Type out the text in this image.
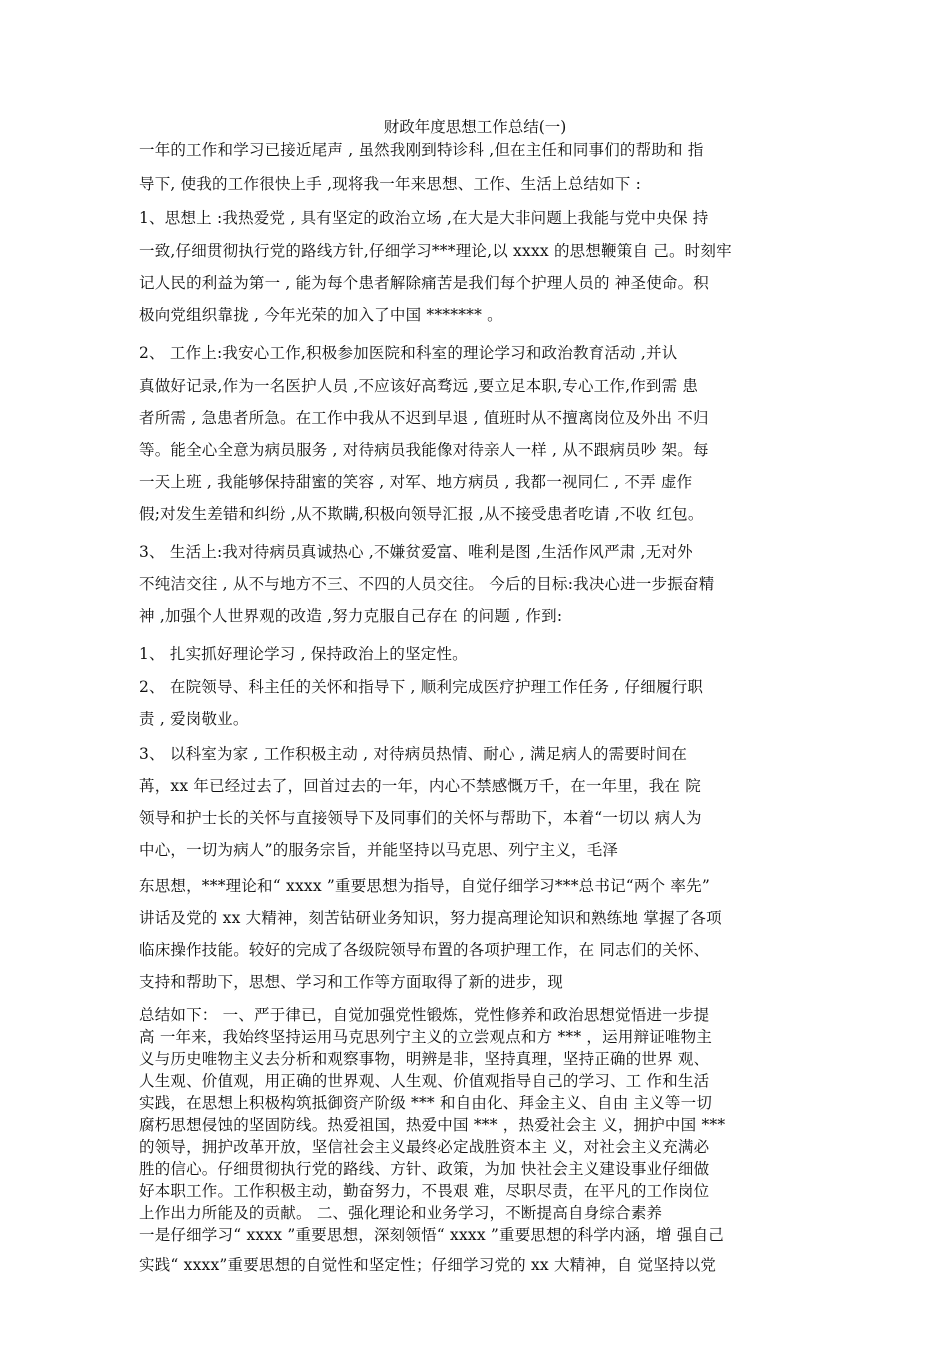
财政年度思想工作总结(一)
一年的工作和学习已接近尾声 , 虽然我刚到特诊科 ,但在主任和同事们的帮助和 指
导下, 使我的工作很快上手 ,现将我一年来思想、工作、生活上总结如下 :
1、思想上 :我热爱党 , 具有坚定的政治立场 ,在大是大非问题上我能与党中央保 持
一致,仔细贯彻执行党的路线方针,仔细学习***理论,以 xxxx 的思想鞭策自 己。时刻牢
记人民的利益为第一 , 能为每个患者解除痛苦是我们每个护理人员的 神圣使命。积
极向党组织靠拢 , 今年光荣的加入了中国 ******* 。
2、 工作上:我安心工作,积极参加医院和科室的理论学习和政治教育活动 ,并认
真做好记录,作为一名医护人员 ,不应该好高骛远 ,要立足本职,专心工作,作到需 患
者所需 , 急患者所急。在工作中我从不迟到早退 , 值班时从不擅离岗位及外出 不归
等。能全心全意为病员服务 , 对待病员我能像对待亲人一样 , 从不跟病员吵 架。每
一天上班 , 我能够保持甜蜜的笑容 , 对军、地方病员 , 我都一视同仁 , 不弄 虚作
假;对发生差错和纠纷 ,从不欺瞒,积极向领导汇报 ,从不接受患者吃请 ,不收 红包。
3、 生活上:我对待病员真诚热心 ,不嫌贫爱富、唯利是图 ,生活作风严肃 ,无对外
不纯洁交往 , 从不与地方不三、不四的人员交往。 今后的目标:我决心进一步振奋精
神 ,加强个人世界观的改造 ,努力克服自己存在 的问题 , 作到:
1、 扎实抓好理论学习 , 保持政治上的坚定性。
2、 在院领导、科主任的关怀和指导下 , 顺利完成医疗护理工作任务 , 仔细履行职
责 , 爱岗敬业。
3、 以科室为家 , 工作积极主动 , 对待病员热情、耐心 , 满足病人的需要时间在
苒，xx 年已经过去了，回首过去的一年，内心不禁感慨万千，在一年里，我在 院
领导和护士长的关怀与直接领导下及同事们的关怀与帮助下，本着“一切以 病人为
中心，一切为病人”的服务宗旨，并能坚持以马克思、列宁主义，毛泽
东思想，***理论和“ xxxx ”重要思想为指导，自觉仔细学习***总书记“两个 率先”
讲话及党的 xx 大精神，刻苦钻研业务知识，努力提高理论知识和熟练地 掌握了各项
临床操作技能。较好的完成了各级院领导布置的各项护理工作，在 同志们的关怀、
支持和帮助下，思想、学习和工作等方面取得了新的进步，现
总结如下： 一、严于律已，自觉加强党性锻炼，党性修养和政治思想觉悟进一步提
高 一年来，我始终坚持运用马克思列宁主义的立尝观点和方 *** ，运用辩证唯物主
义与历史唯物主义去分析和观察事物，明辨是非，坚持真理，坚持正确的世界 观、
人生观、价值观，用正确的世界观、人生观、价值观指导自己的学习、工 作和生活
实践，在思想上积极构筑抵御资产阶级 *** 和自由化、拜金主义、自由 主义等一切
腐朽思想侵蚀的坚固防线。热爱祖国，热爱中国 *** ，热爱社会主 义，拥护中国 ***
的领导，拥护改革开放，坚信社会主义最终必定战胜资本主 义，对社会主义充满必
胜的信心。仔细贯彻执行党的路线、方针、政策，为加 快社会主义建设事业仔细做
好本职工作。工作积极主动，勤奋努力，不畏艰 难，尽职尽责，在平凡的工作岗位
上作出力所能及的贡献。 二、强化理论和业务学习，不断提高自身综合素养
一是仔细学习“ xxxx ”重要思想，深刻领悟“ xxxx ”重要思想的科学内涵，增 强自己
实践“ xxxx”重要思想的自觉性和坚定性；仔细学习党的 xx 大精神，自 觉坚持以党
